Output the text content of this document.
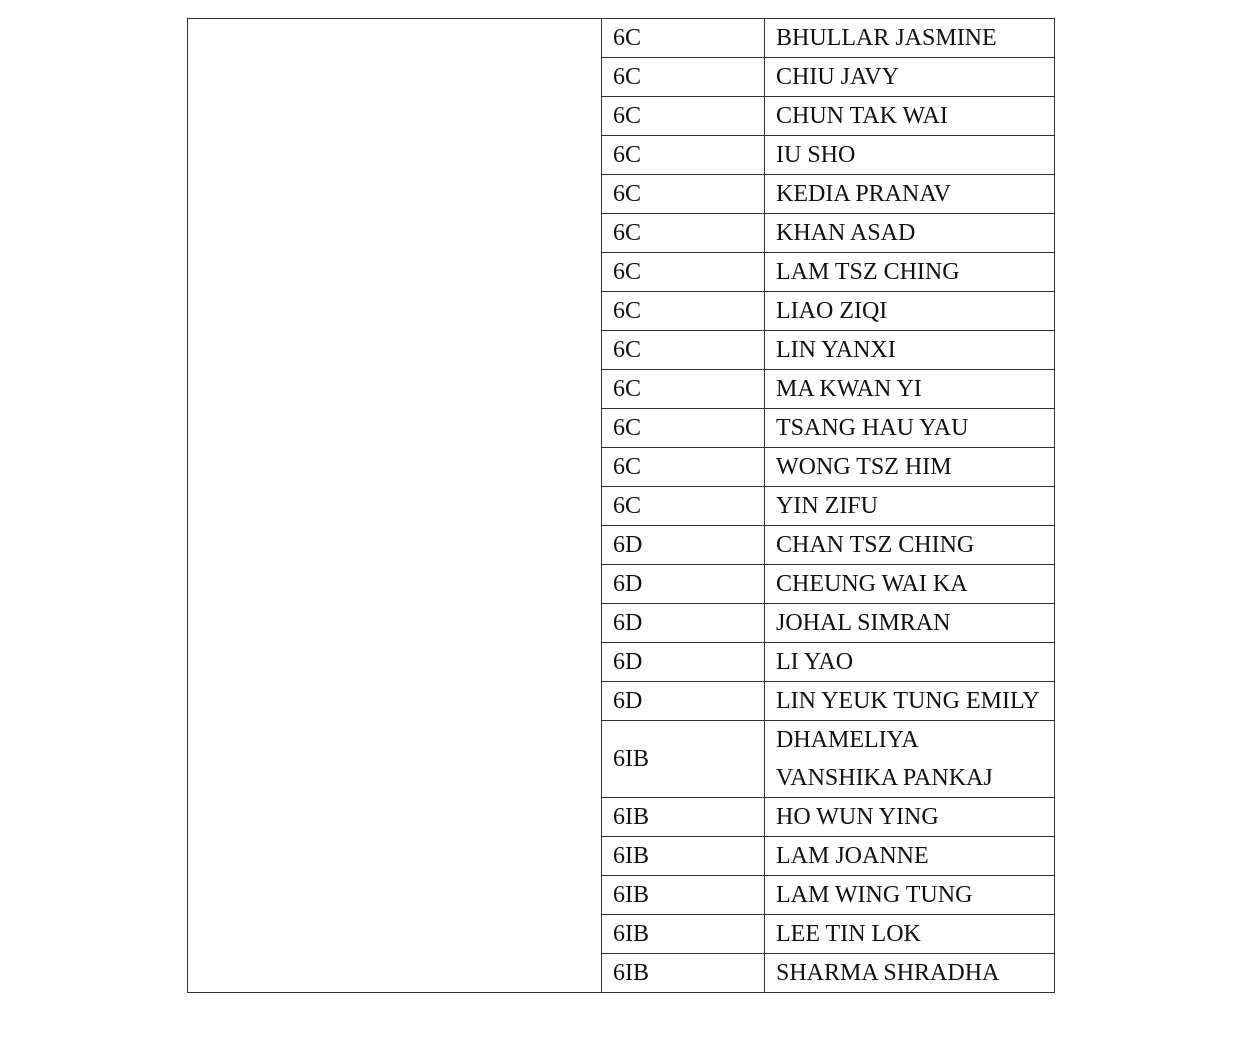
	6C	BHULLAR JASMINE
	6C	CHIU JAVY
	6C	CHUN TAK WAI
	6C	IU SHO
	6C	KEDIA PRANAV
	6C	KHAN ASAD
	6C	LAM TSZ CHING
	6C	LIAO ZIQI
	6C	LIN YANXI
	6C	MA KWAN YI
	6C	TSANG HAU YAU
	6C	WONG TSZ HIM
	6C	YIN ZIFU
	6D	CHAN TSZ CHING
	6D	CHEUNG WAI KA
	6D	JOHAL SIMRAN
	6D	LI YAO
	6D	LIN YEUK TUNG EMILY
	6IB	DHAMELIYA VANSHIKA PANKAJ
	6IB	HO WUN YING
	6IB	LAM JOANNE
	6IB	LAM WING TUNG
	6IB	LEE TIN LOK
	6IB	SHARMA SHRADHA
